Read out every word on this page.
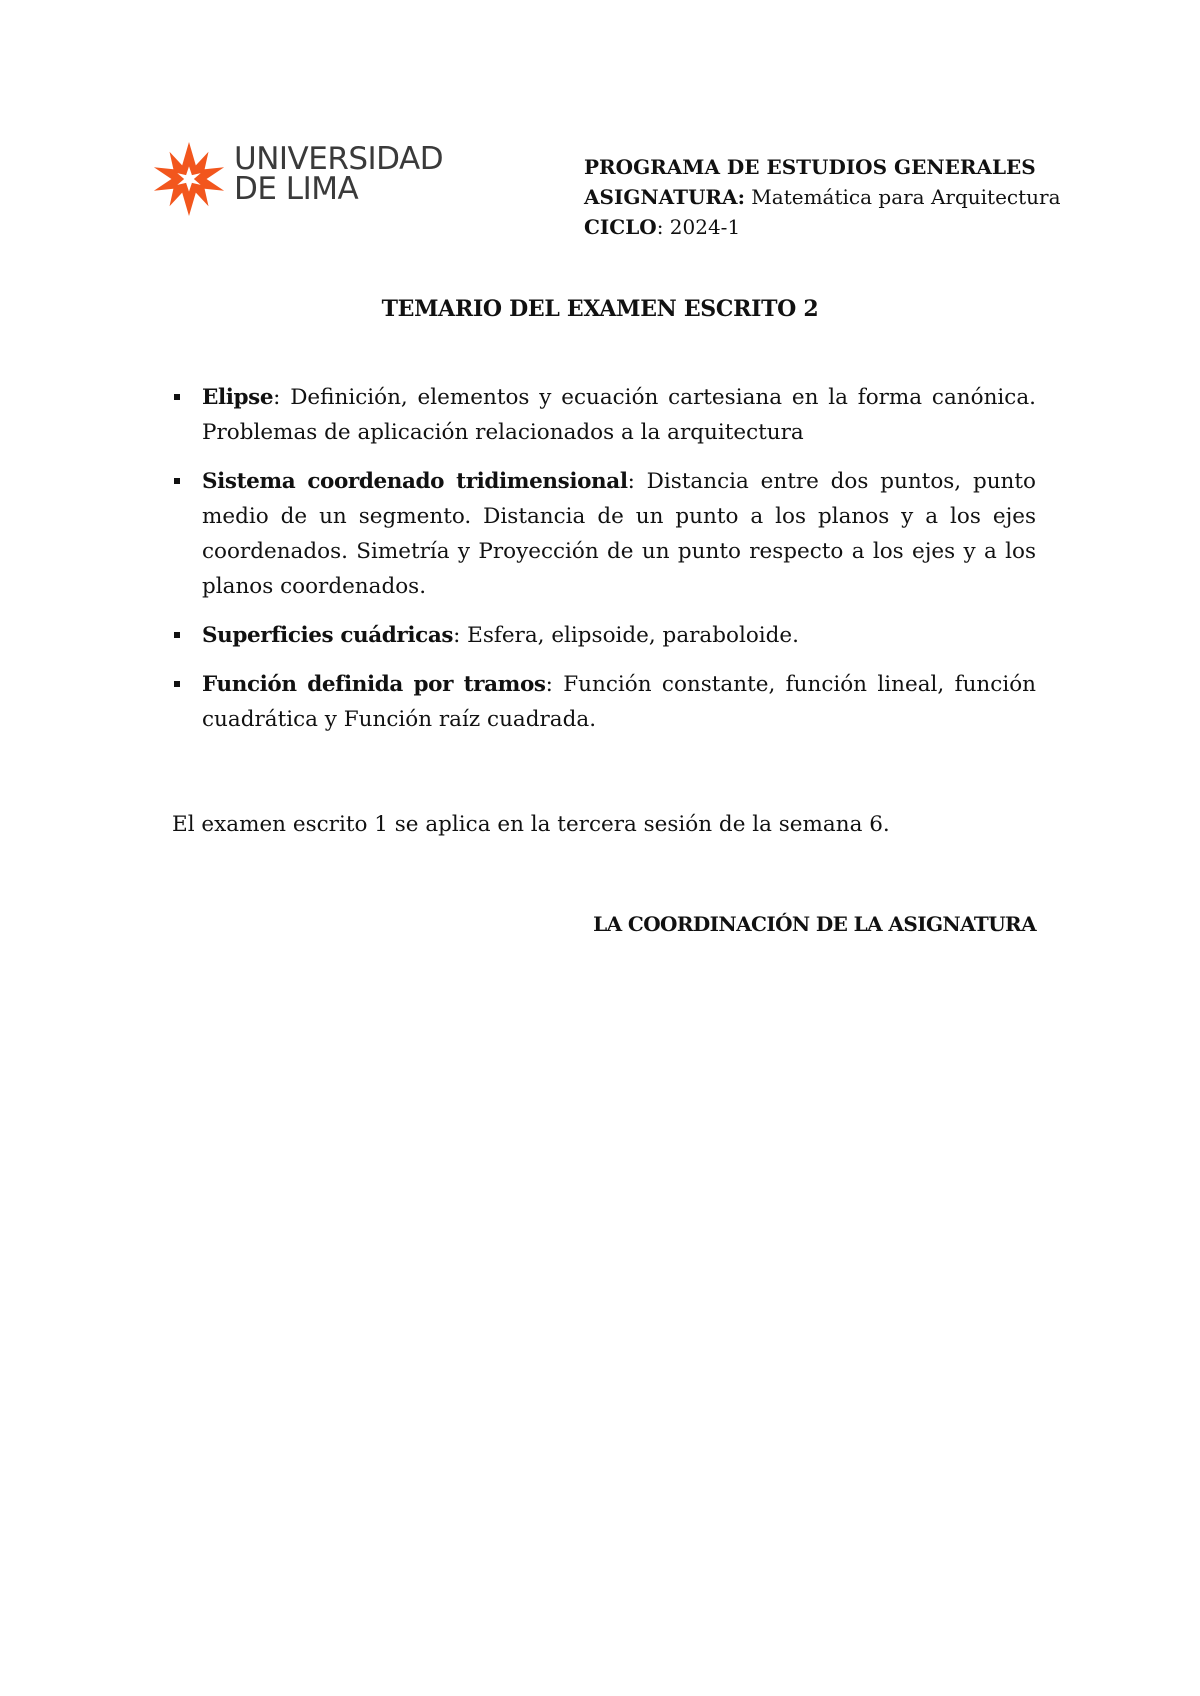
UNIVERSIDAD
DE LIMA
PROGRAMA DE ESTUDIOS GENERALES
ASIGNATURA: Matemática para Arquitectura
CICLO: 2024-1
TEMARIO DEL EXAMEN ESCRITO 2
Elipse: Definición, elementos y ecuación cartesiana en la forma canónica. Problemas de aplicación relacionados a la arquitectura
Sistema coordenado tridimensional: Distancia entre dos puntos, punto medio de un segmento. Distancia de un punto a los planos y a los ejes coordenados. Simetría y Proyección de un punto respecto a los ejes y a los planos coordenados.
Superficies cuádricas: Esfera, elipsoide, paraboloide.
Función definida por tramos: Función constante, función lineal, función cuadrática y Función raíz cuadrada.
El examen escrito 1 se aplica en la tercera sesión de la semana 6.
LA COORDINACIÓN DE LA ASIGNATURA
